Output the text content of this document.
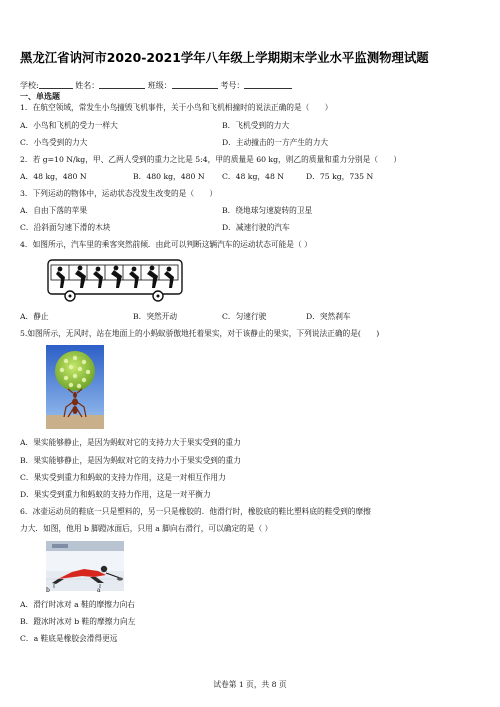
黑龙江省讷河市2020-2021学年八年级上学期期末学业水平监测物理试题
学校:	姓名：	班级：	考号：
一、单选题
1．在航空领域，常发生小鸟撞毁飞机事件，关于小鸟和飞机相撞时的说法正确的是（　　）
A．小鸟和飞机的受力一样大	B．飞机受到的力大
C．小鸟受到的力大	D．主动撞击的一方产生的力大
2．若 g=10 N/kg，甲、乙两人受到的重力之比是 5:4，甲的质量是 60 kg，则乙的质量和重力分别是（　　）
A．48 kg，480 N	B．480 kg，480 N C．48 kg，48 N	D．75 kg，735 N
3．下列运动的物体中，运动状态没发生改变的是（　　）
A．自由下落的苹果	B．绕地球匀速旋转的卫星
C．沿斜面匀速下滑的木块	D．减速行驶的汽车
4．如图所示，汽车里的乘客突然前倾．由此可以判断这辆汽车的运动状态可能是（ ）
A．静止	B．突然开动	C．匀速行驶	D．突然刹车
5.如图所示，无风时，站在地面上的小蚂蚁骄傲地托着果实，对于该静止的果实，下列说法正确的是(　　)
A．果实能够静止，是因为蚂蚁对它的支持力大于果实受到的重力
B．果实能够静止，是因为蚂蚁对它的支持力小于果实受到的重力
C．果实受到重力和蚂蚁的支持力作用，这是一对相互作用力
D．果实受到重力和蚂蚁的支持力作用，这是一对平衡力
6．冰壶运动员的鞋底一只是塑料的，另一只是橡胶的．他滑行时，橡胶底的鞋比塑料底的鞋受到的摩擦
力大．如图，他用 b 脚蹬冰面后，只用 a 脚向右滑行，可以确定的是（ ）
b	a
A．滑行时冰对 a 鞋的摩擦力向右
B．蹬冰时冰对 b 鞋的摩擦力向左
C．a 鞋底是橡胶会滑得更远
试卷第 1 页，共 8 页
